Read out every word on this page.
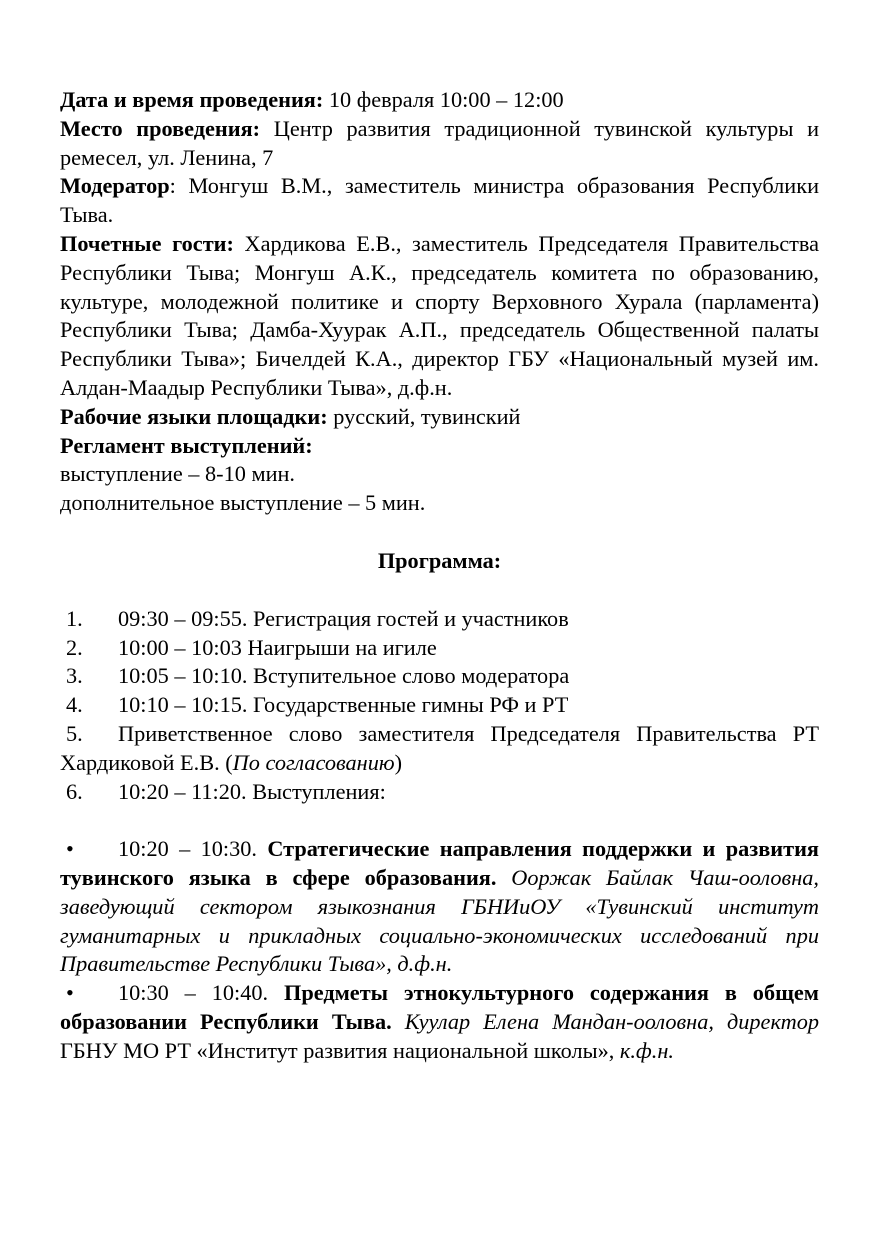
Дата и время проведения: 10 февраля 10:00 – 12:00

Место проведения: Центр развития традиционной тувинской культуры и ремесел, ул. Ленина, 7

Модератор: Монгуш В.М., заместитель министра образования Республики Тыва.

Почетные гости: Хардикова Е.В., заместитель Председателя Правительства Республики Тыва; Монгуш А.К., председатель комитета по образованию, культуре, молодежной политике и спорту Верховного Хурала (парламента) Республики Тыва; Дамба-Хуурак А.П., председатель Общественной палаты Республики Тыва»; Бичелдей К.А., директор ГБУ «Национальный музей им. Алдан-Маадыр Республики Тыва», д.ф.н.

Рабочие языки площадки: русский, тувинский

Регламент выступлений:

выступление – 8-10 мин.

дополнительное выступление – 5 мин.

Программа:

1. 09:30 – 09:55. Регистрация гостей и участников

2. 10:00 – 10:03 Наигрыши на игиле

3. 10:05 – 10:10. Вступительное слово модератора

4. 10:10 – 10:15. Государственные гимны РФ и РТ

5. Приветственное слово заместителя Председателя Правительства РТ Хардиковой Е.В. (По согласованию)

6. 10:20 – 11:20. Выступления:

• 10:20 – 10:30. Стратегические направления поддержки и развития тувинского языка в сфере образования. Ооржак Байлак Чаш-ооловна, заведующий сектором языкознания ГБНИиОУ «Тувинский институт гуманитарных и прикладных социально-экономических исследований при Правительстве Республики Тыва», д.ф.н.

• 10:30 – 10:40. Предметы этнокультурного содержания в общем образовании Республики Тыва. Куулар Елена Мандан-ооловна, директор ГБНУ МО РТ «Институт развития национальной школы», к.ф.н.
